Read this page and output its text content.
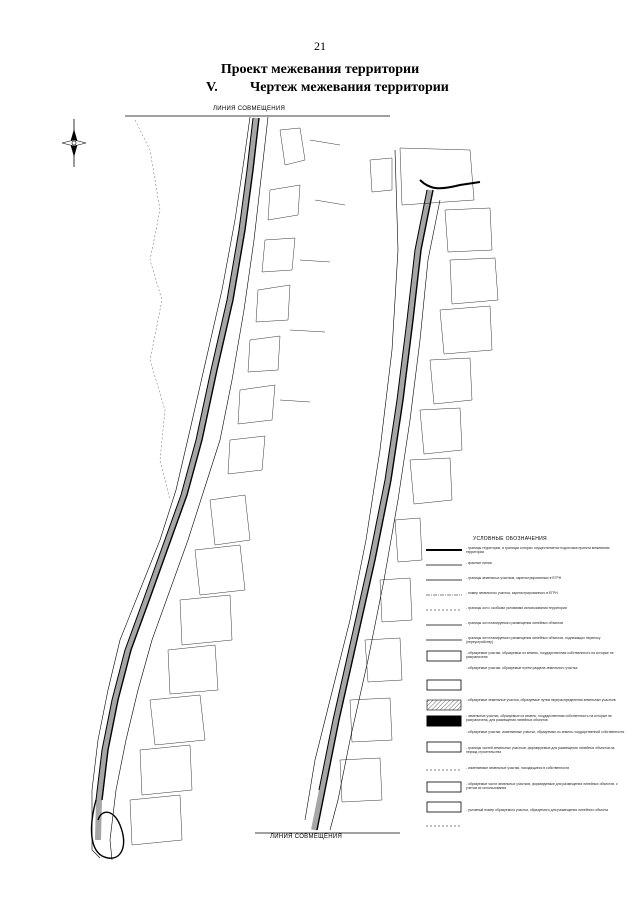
21
Проект межевания территории
V. Чертеж межевания территории
ЛИНИЯ СОВМЕЩЕНИЯ
ЛИНИЯ СОВМЕЩЕНИЯ
УСЛОВНЫЕ ОБОЗНАЧЕНИЯ
- границы территории, в границах которых осуществляется подготовка проекта межевания территории
- красные линии
- границы земельных участков, зарегистрированных в ЕГРН
- номер земельного участка, зарегистрированного в ЕГРН
- границы зон с особыми условиями использования территории
- границы зон планируемого размещения линейных объектов
- границы зон планируемого размещения линейных объектов, подлежащих переносу (переустройству)
- образуемые участки, образуемые из земель, государственная собственность на которые не разграничена
- образуемые участки, образуемые путем раздела земельного участка
- образуемые земельные участки, образуемые путем перераспределения земельных участков
- земельные участки, образуемые из земель, государственная собственность на которые не разграничена, для размещения линейных объектов
- образуемые участки, изменяемые участки, образуемые из земель государственной собственности
- границы частей земельных участков, формируемые для размещения линейных объектов на период строительства
- изменяемые земельные участки, находящиеся в собственности
- образуемые части земельных участков, формируемые для размещения линейных объектов, с учетом их использования
- условный номер образуемого участка, образуемого для размещения линейного объекта
